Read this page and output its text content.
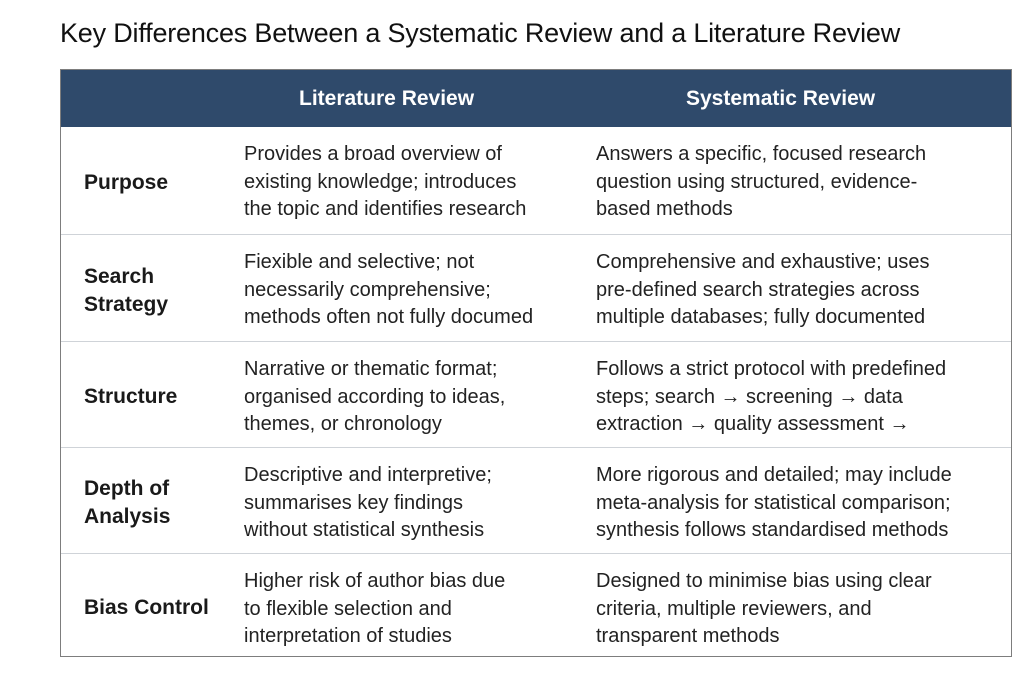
Key Differences Between a Systematic Review and a Literature Review
Literature Review	Systematic Review
Purpose
Provides a broad overview of
existing knowledge; introduces
the topic and identifies research
Answers a specific, focused research
question using structured, evidence-
based methods
Search
Strategy
Fiexible and selective; not
necessarily comprehensive;
methods often not fully documed
Comprehensive and exhaustive; uses
pre-defined search strategies across
multiple databases; fully documented
Structure
Narrative or thematic format;
organised according to ideas,
themes, or chronology
Follows a strict protocol with predefined
steps; search → screening → data
extraction → quality assessment →
Depth of
Analysis
Descriptive and interpretive;
summarises key findings
without statistical synthesis
More rigorous and detailed; may include
meta-analysis for statistical comparison;
synthesis follows standardised methods
Bias Control
Higher risk of author bias due
to flexible selection and
interpretation of studies
Designed to minimise bias using clear
criteria, multiple reviewers, and
transparent methods
